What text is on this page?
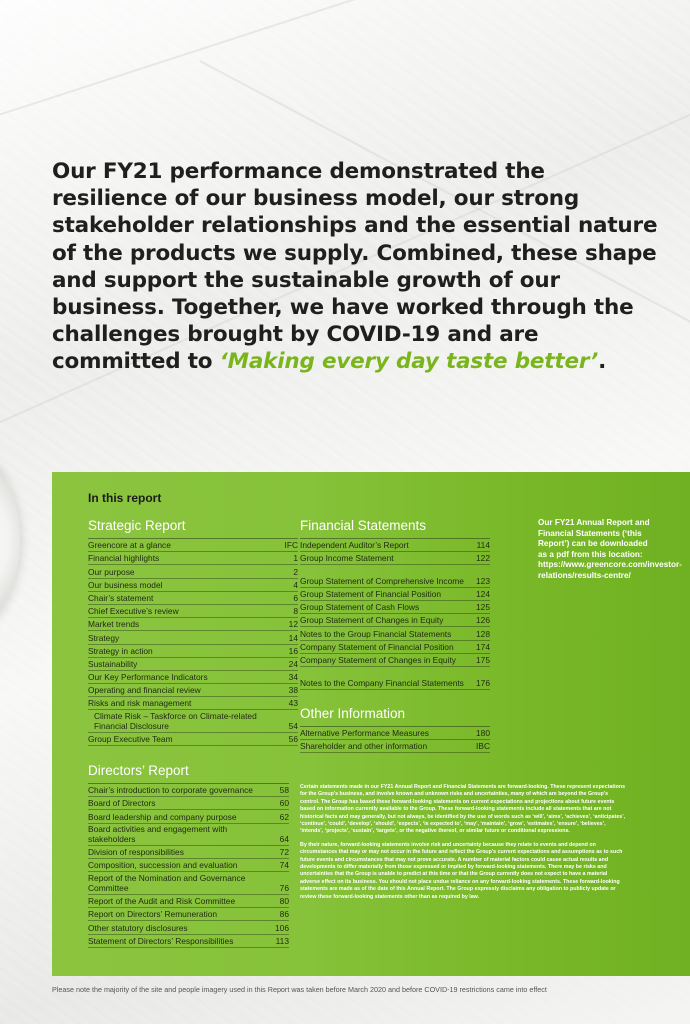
Our FY21 performance demonstrated the resilience of our business model, our strong stakeholder relationships and the essential nature of the products we supply. Combined, these shape and support the sustainable growth of our business. Together, we have worked through the challenges brought by COVID-19 and are committed to ‘Making every day taste better’.
In this report
Strategic Report
Greencore at a glance	IFC
Financial highlights	1
Our purpose	2
Our business model	4
Chair’s statement	6
Chief Executive’s review	8
Market trends	12
Strategy	14
Strategy in action	16
Sustainability	24
Our Key Performance Indicators	34
Operating and financial review	38
Risks and risk management	43
Climate Risk – Taskforce on Climate-related Financial Disclosure	54
Group Executive Team	56
Directors’ Report
Chair’s introduction to corporate governance	58
Board of Directors	60
Board leadership and company purpose	62
Board activities and engagement with stakeholders	64
Division of responsibilities	72
Composition, succession and evaluation	74
Report of the Nomination and Governance Committee	76
Report of the Audit and Risk Committee	80
Report on Directors’ Remuneration	86
Other statutory disclosures	106
Statement of Directors’ Responsibilities	113
Financial Statements
Independent Auditor’s Report	114
Group Income Statement	122
Group Statement of Comprehensive Income	123
Group Statement of Financial Position	124
Group Statement of Cash Flows	125
Group Statement of Changes in Equity	126
Notes to the Group Financial Statements	128
Company Statement of Financial Position	174
Company Statement of Changes in Equity	175
Notes to the Company Financial Statements	176
Other Information
Alternative Performance Measures	180
Shareholder and other information	IBC
Our FY21 Annual Report and Financial Statements (‘this Report’) can be downloaded as a pdf from this location: https://www.greencore.com/investor-relations/results-centre/

Certain statements made in our FY21 Annual Report and Financial Statements are forward-looking. These represent expectations for the Group’s business, and involve known and unknown risks and uncertainties, many of which are beyond the Group’s control. The Group has based these forward-looking statements on current expectations and projections about future events based on information currently available to the Group. These forward-looking statements include all statements that are not historical facts and may generally, but not always, be identified by the use of words such as ‘will’, ‘aims’, ‘achieves’, ‘anticipates’, ‘continue’, ‘could’, ‘develop’, ‘should’, ‘expects’, ‘is expected to’, ‘may’, ‘maintain’, ‘grow’, ‘estimates’, ‘ensure’, ‘believes’, ‘intends’, ‘projects’, ‘sustain’, ‘targets’, or the negative thereof, or similar future or conditional expressions.

By their nature, forward-looking statements involve risk and uncertainty because they relate to events and depend on circumstances that may or may not occur in the future and reflect the Group’s current expectations and assumptions as to such future events and circumstances that may not prove accurate. A number of material factors could cause actual results and developments to differ materially from those expressed or implied by forward-looking statements. There may be risks and uncertainties that the Group is unable to predict at this time or that the Group currently does not expect to have a material adverse effect on its business. You should not place undue reliance on any forward-looking statements. These forward-looking statements are made as of the date of this Annual Report. The Group expressly disclaims any obligation to publicly update or review these forward-looking statements other than as required by law.

Please note the majority of the site and people imagery used in this Report was taken before March 2020 and before COVID-19 restrictions came into effect
